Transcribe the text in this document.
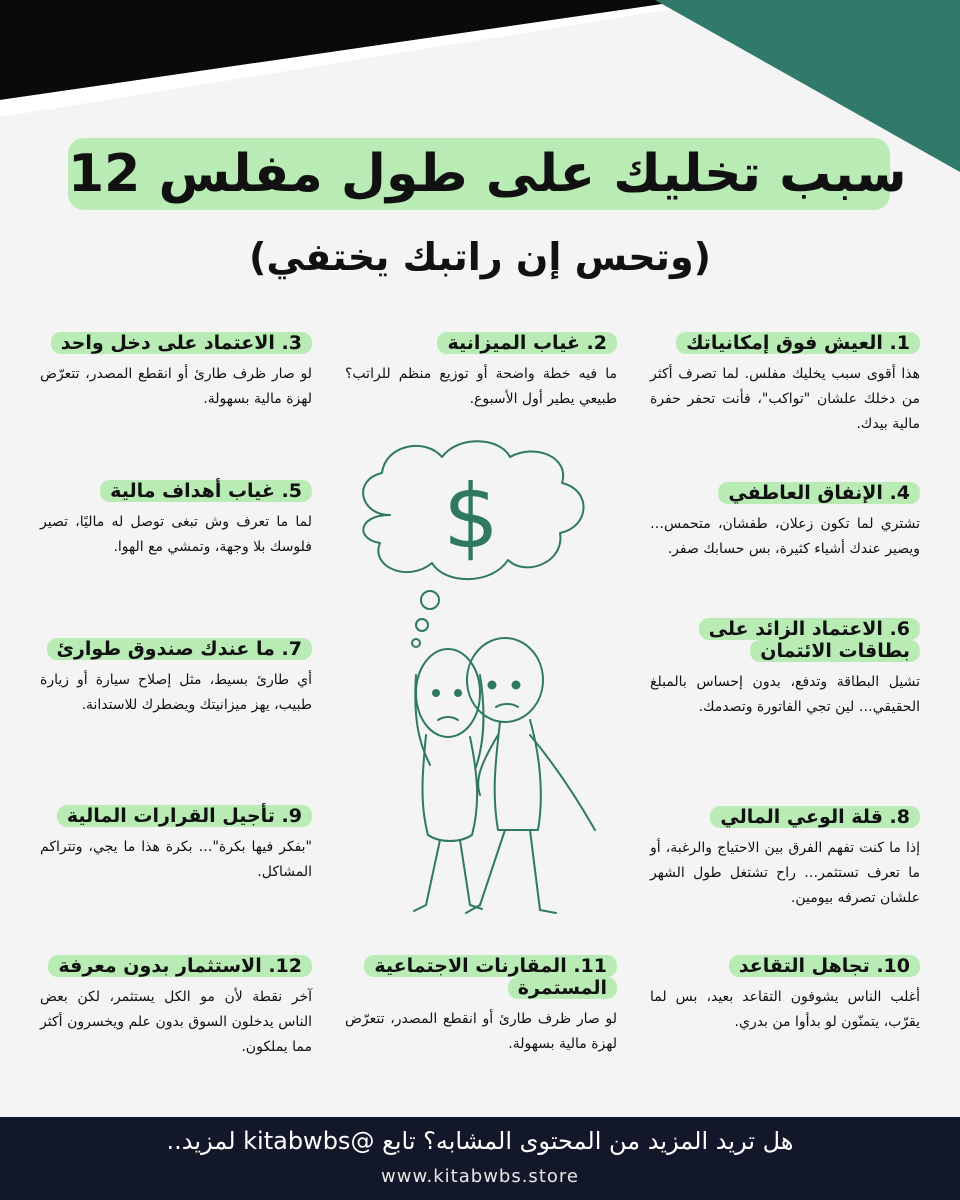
12 سبب تخليك على طول مفلس
(وتحس إن راتبك يختفي)
1. العيش فوق إمكانياتك

هذا أقوى سبب يخليك مفلس. لما تصرف أكثر من دخلك علشان "تواكب"، فأنت تحفر حفرة مالية بيدك.

2. غياب الميزانية

ما فيه خطة واضحة أو توزيع منظم للراتب؟ طبيعي يطير أول الأسبوع.

3. الاعتماد على دخل واحد

لو صار ظرف طارئ أو انقطع المصدر، تتعرّض لهزة مالية بسهولة.

4. الإنفاق العاطفي

تشتري لما تكون زعلان، طفشان، متحمس… ويصير عندك أشياء كثيرة، بس حسابك صفر.

5. غياب أهداف مالية

لما ما تعرف وش تبغى توصل له ماليًا، تصير فلوسك بلا وجهة، وتمشي مع الهوا.

6. الاعتماد الزائد على بطاقات الائتمان

تشيل البطاقة وتدفع، بدون إحساس بالمبلغ الحقيقي… لين تجي الفاتورة وتصدمك.

7. ما عندك صندوق طوارئ

أي طارئ بسيط، مثل إصلاح سيارة أو زيارة طبيب، يهز ميزانيتك ويضطرك للاستدانة.

8. قلة الوعي المالي

إذا ما كنت تفهم الفرق بين الاحتياج والرغبة، أو ما تعرف تستثمر… راح تشتغل طول الشهر علشان تصرفه بيومين.

9. تأجيل القرارات المالية

"بفكر فيها بكرة"… بكرة هذا ما يجي، وتتراكم المشاكل.

10. تجاهل التقاعد

أغلب الناس يشوفون التقاعد بعيد، بس لما يقرّب، يتمنّون لو بدأوا من بدري.

11. المقارنات الاجتماعية المستمرة

لو صار ظرف طارئ أو انقطع المصدر، تتعرّض لهزة مالية بسهولة.

12. الاستثمار بدون معرفة

آخر نقطة لأن مو الكل يستثمر، لكن بعض الناس يدخلون السوق بدون علم ويخسرون أكثر مما يملكون.

$
هل تريد المزيد من المحتوى المشابه؟ تابع @kitabwbs لمزيد..
www.kitabwbs.store
